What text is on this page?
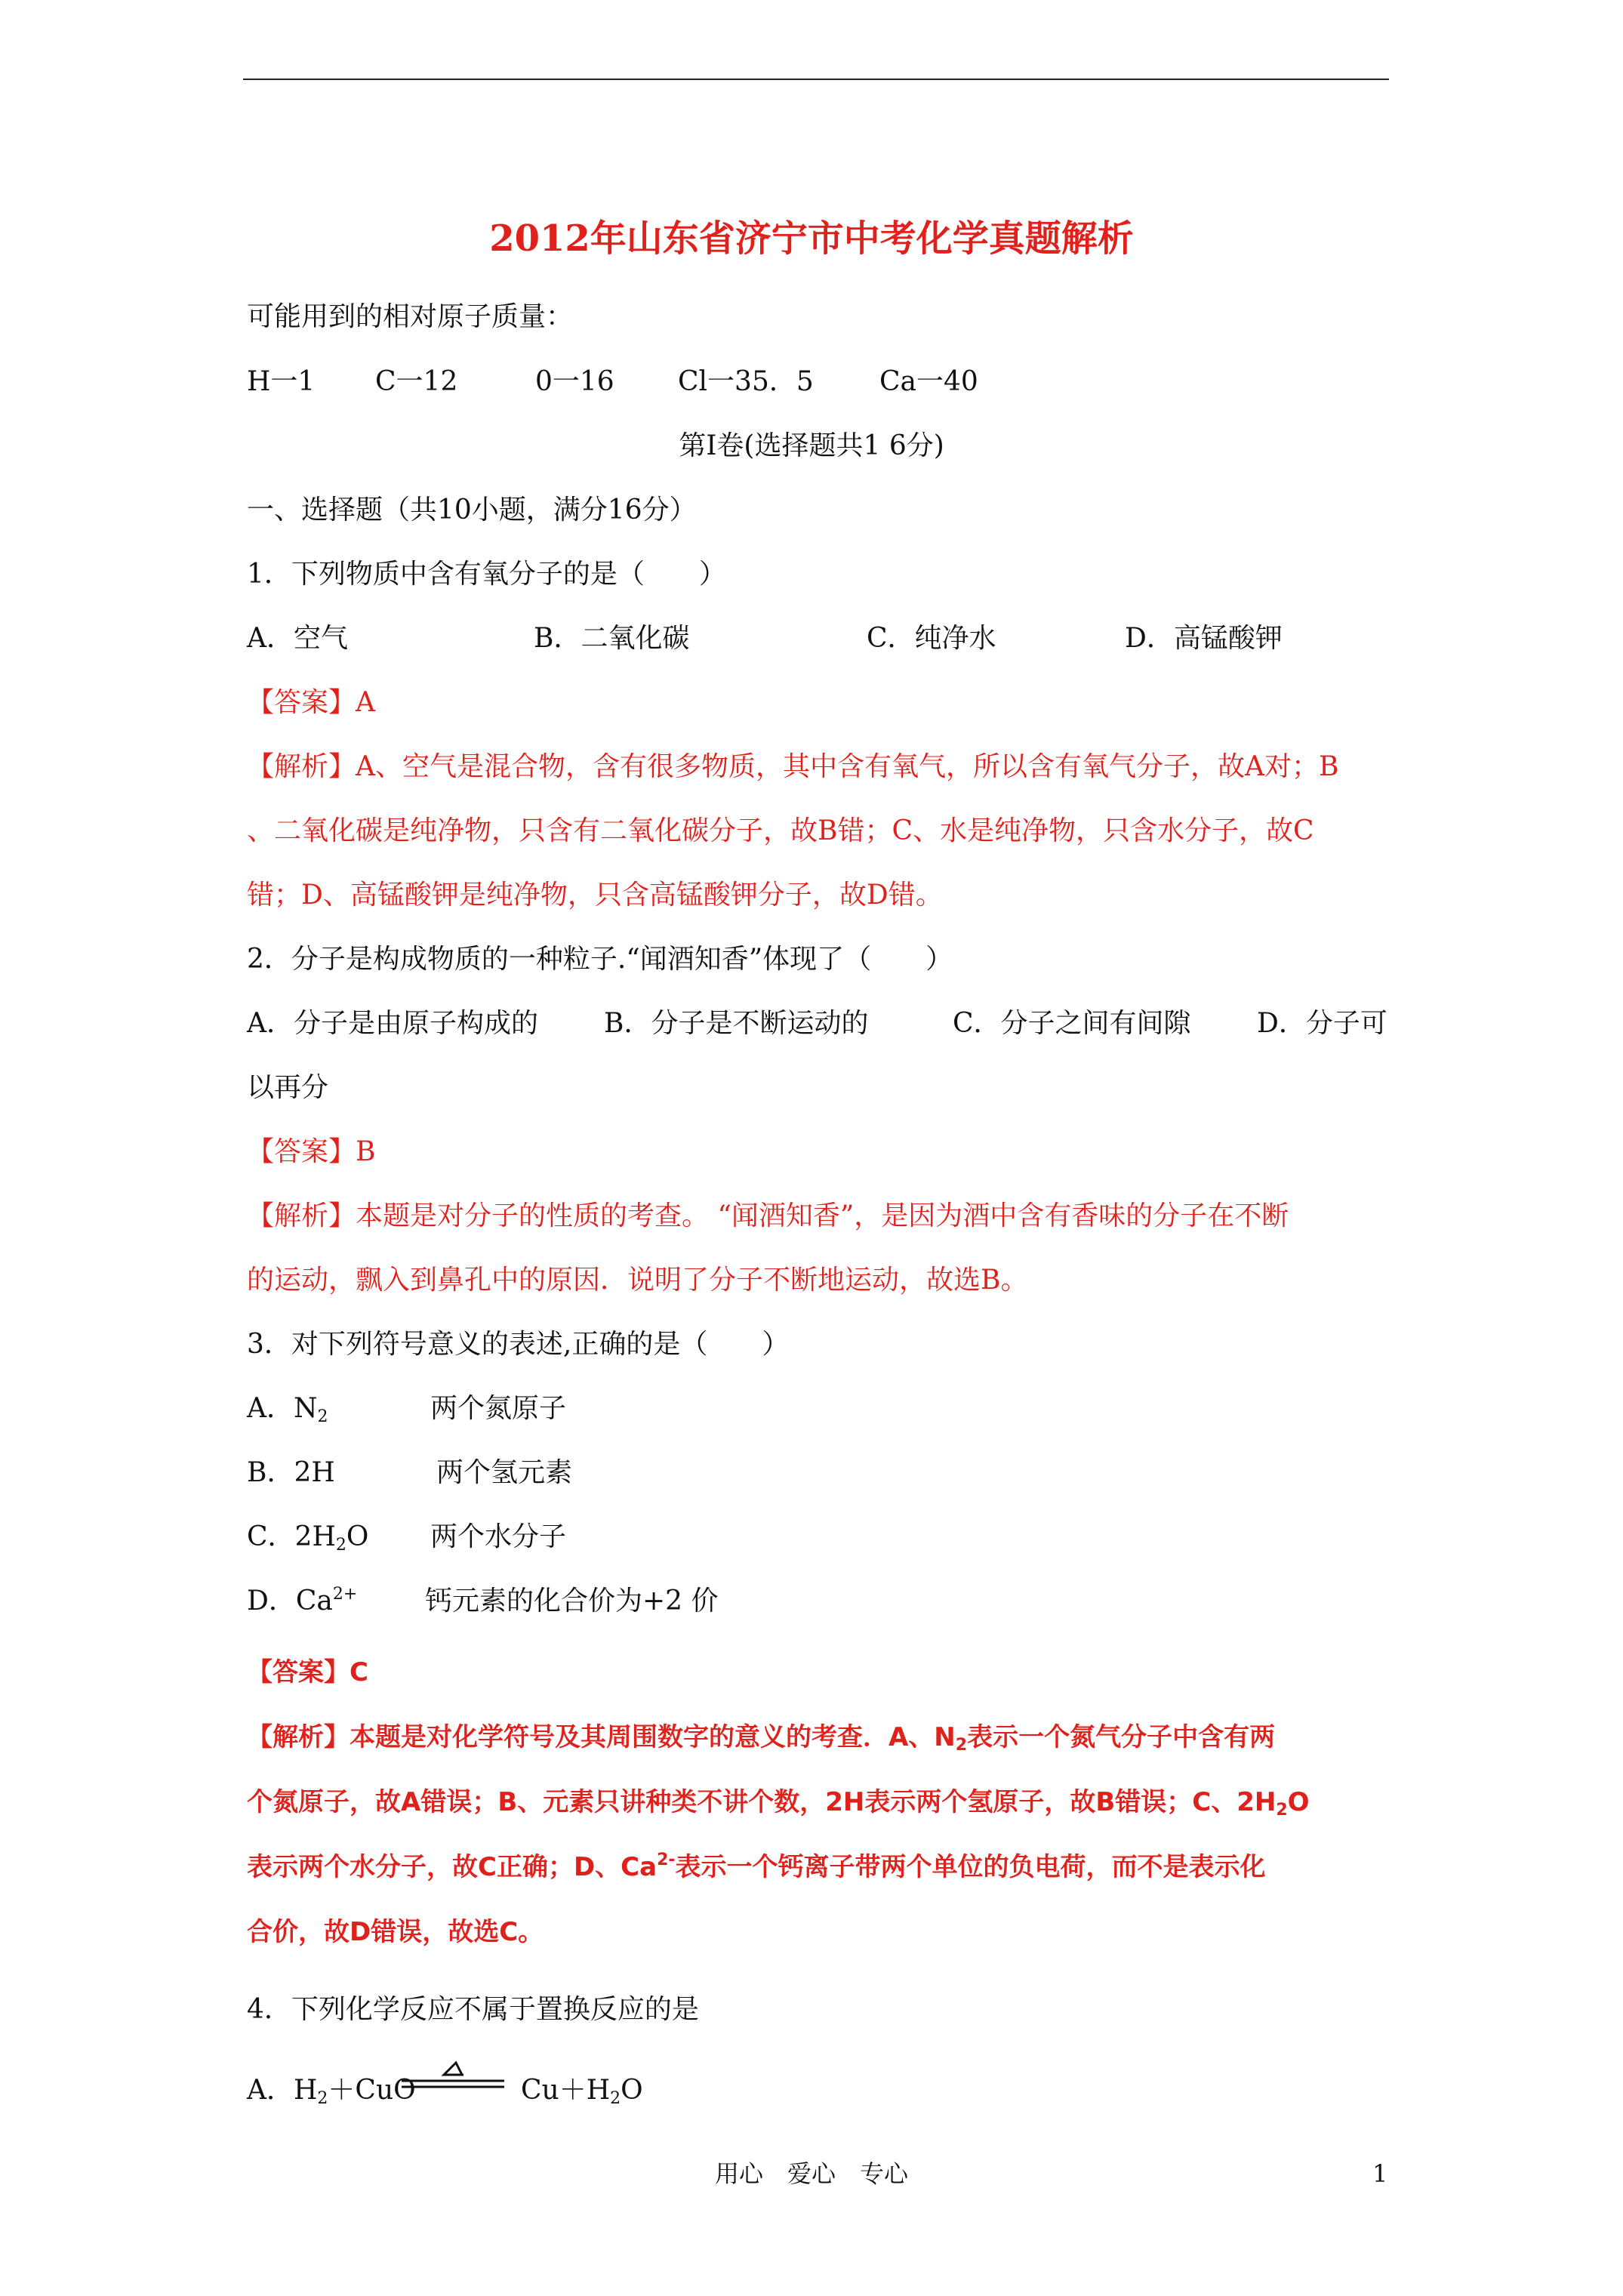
2012年山东省济宁市中考化学真题解析
可能用到的相对原子质量：
H一1 C一12	0一16 Cl一35．5 Ca一40
第Ⅰ卷(选择题共1 6分)
一、选择题（共10小题，满分16分）
1．下列物质中含有氧分子的是（　　）
A．空气	B．二氧化碳	C．纯净水	D．高锰酸钾
【答案】A
【解析】A、空气是混合物，含有很多物质，其中含有氧气，所以含有氧气分子，故A对；B
、二氧化碳是纯净物，只含有二氧化碳分子，故B错；C、水是纯净物，只含水分子，故C
错；D、高锰酸钾是纯净物，只含高锰酸钾分子，故D错。
2．分子是构成物质的一种粒子.“闻酒知香”体现了（　　）
A．分子是由原子构成的 B．分子是不断运动的	C．分子之间有间隙 D．分子可
以再分
【答案】B
【解析】本题是对分子的性质的考查。 “闻酒知香”，是因为酒中含有香味的分子在不断
的运动，飘入到鼻孔中的原因．说明了分子不断地运动，故选B。
3．对下列符号意义的表述,正确的是（　　）
A．$N_2$	两个氮原子
B．2H	两个氢元素
C．$2H_2O$ 两个水分子
D．$Ca^{2+}$ 钙元素的化合价为+2 价
【答案】C
【解析】本题是对化学符号及其周围数字的意义的考查．A、$N_2$表示一个氮气分子中含有两
个氮原子，故A错误；B、元素只讲种类不讲个数，2H表示两个氢原子，故B错误；C、$2H_2O$
表示两个水分子，故C正确；D、$Ca^{2-}$表示一个钙离子带两个单位的负电荷，而不是表示化
合价，故D错误，故选C。
4．下列化学反应不属于置换反应的是
A．$H_2+CuO$	$Cu+H_2O$
用心　爱心　专心	1
